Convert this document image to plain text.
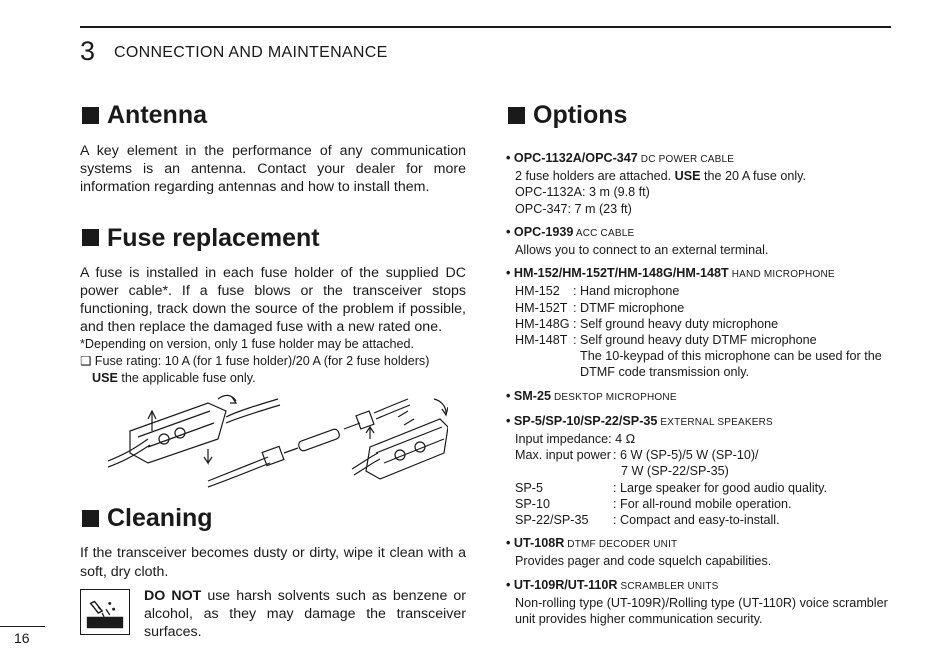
3 CONNECTION AND MAINTENANCE
Antenna

A key element in the performance of any communication systems is an antenna. Contact your dealer for more information regarding antennas and how to install them.

Fuse replacement

A fuse is installed in each fuse holder of the supplied DC power cable*. If a fuse blows or the transceiver stops functioning, track down the source of the problem if possible, and then replace the damaged fuse with a new rated one.

*Depending on version, only 1 fuse holder may be attached.

❑ Fuse rating: 10 A (for 1 fuse holder)/20 A (for 2 fuse holders)

USE the applicable fuse only.

Cleaning

If the transceiver becomes dusty or dirty, wipe it clean with a soft, dry cloth.

DO NOT use harsh solvents such as benzene or alcohol, as they may damage the transceiver surfaces.

Options
• OPC-1132A/OPC-347 DC POWER CABLE
2 fuse holders are attached. USE the 20 A fuse only.
OPC-1132A: 3 m (9.8 ft)
OPC-347: 7 m (23 ft)
• OPC-1939 ACC CABLE
Allows you to connect to an external terminal.
• HM-152/HM-152T/HM-148G/HM-148T HAND MICROPHONE
HM-152 : Hand microphone
HM-152T : DTMF microphone
HM-148G : Self ground heavy duty microphone
HM-148T : Self ground heavy duty DTMF microphone
The 10-keypad of this microphone can be used for the
DTMF code transmission only.
• SM-25 DESKTOP MICROPHONE
• SP-5/SP-10/SP-22/SP-35 EXTERNAL SPEAKERS
Input impedance : 4 Ω
Max. input power : 6 W (SP-5)/5 W (SP-10)/
7 W (SP-22/SP-35)
SP-5	: Large speaker for good audio quality.
SP-10	: For all-round mobile operation.
SP-22/SP-35	: Compact and easy-to-install.
• UT-108R DTMF DECODER UNIT
Provides pager and code squelch capabilities.
• UT-109R/UT-110R SCRAMBLER UNITS
Non-rolling type (UT-109R)/Rolling type (UT-110R) voice scrambler
unit provides higher communication security.
16
